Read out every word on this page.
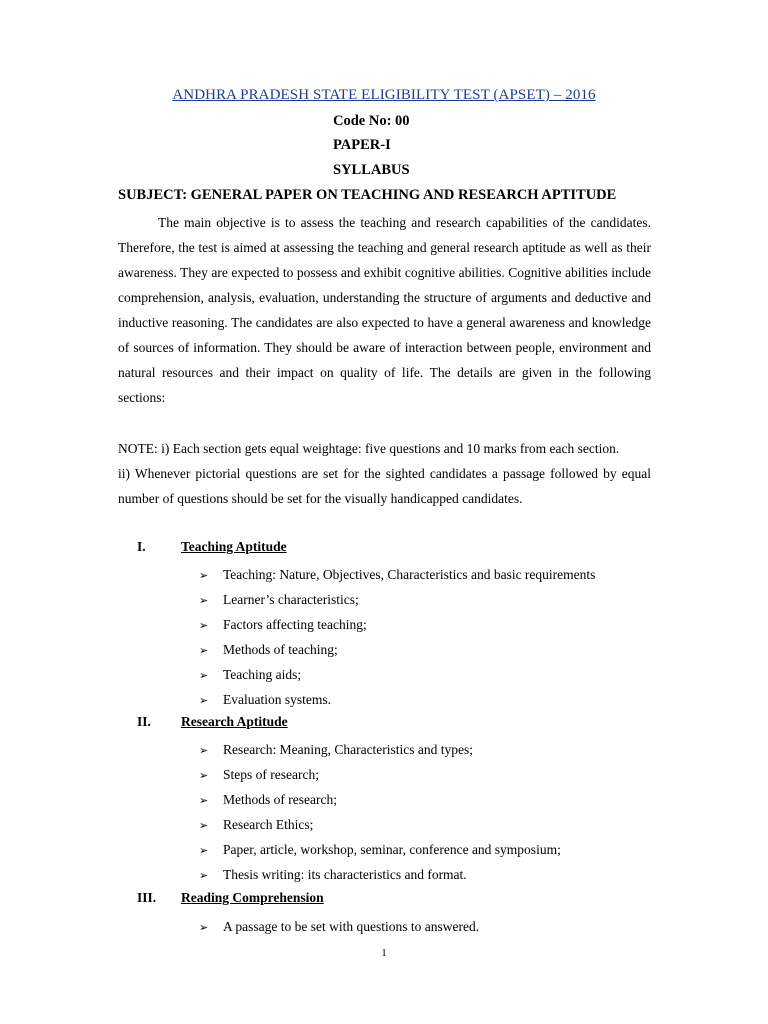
ANDHRA PRADESH STATE ELIGIBILITY TEST (APSET) – 2016
Code No: 00
PAPER-I
SYLLABUS
SUBJECT: GENERAL PAPER ON TEACHING AND RESEARCH APTITUDE

The main objective is to assess the teaching and research capabilities of the candidates. Therefore, the test is aimed at assessing the teaching and general research aptitude as well as their awareness. They are expected to possess and exhibit cognitive abilities. Cognitive abilities include comprehension, analysis, evaluation, understanding the structure of arguments and deductive and inductive reasoning. The candidates are also expected to have a general awareness and knowledge of sources of information. They should be aware of interaction between people, environment and natural resources and their impact on quality of life. The details are given in the following sections:

NOTE: i) Each section gets equal weightage: five questions and 10 marks from each section.
ii) Whenever pictorial questions are set for the sighted candidates a passage followed by equal number of questions should be set for the visually handicapped candidates.
I.	Teaching Aptitude
➢ Teaching: Nature, Objectives, Characteristics and basic requirements
➢ Learner’s characteristics;
➢ Factors affecting teaching;
➢ Methods of teaching;
➢ Teaching aids;
➢ Evaluation systems.
II. Research Aptitude
➢ Research: Meaning, Characteristics and types;
➢ Steps of research;
➢ Methods of research;
➢ Research Ethics;
➢ Paper, article, workshop, seminar, conference and symposium;
➢ Thesis writing: its characteristics and format.
III. Reading Comprehension
➢ A passage to be set with questions to answered.
1
